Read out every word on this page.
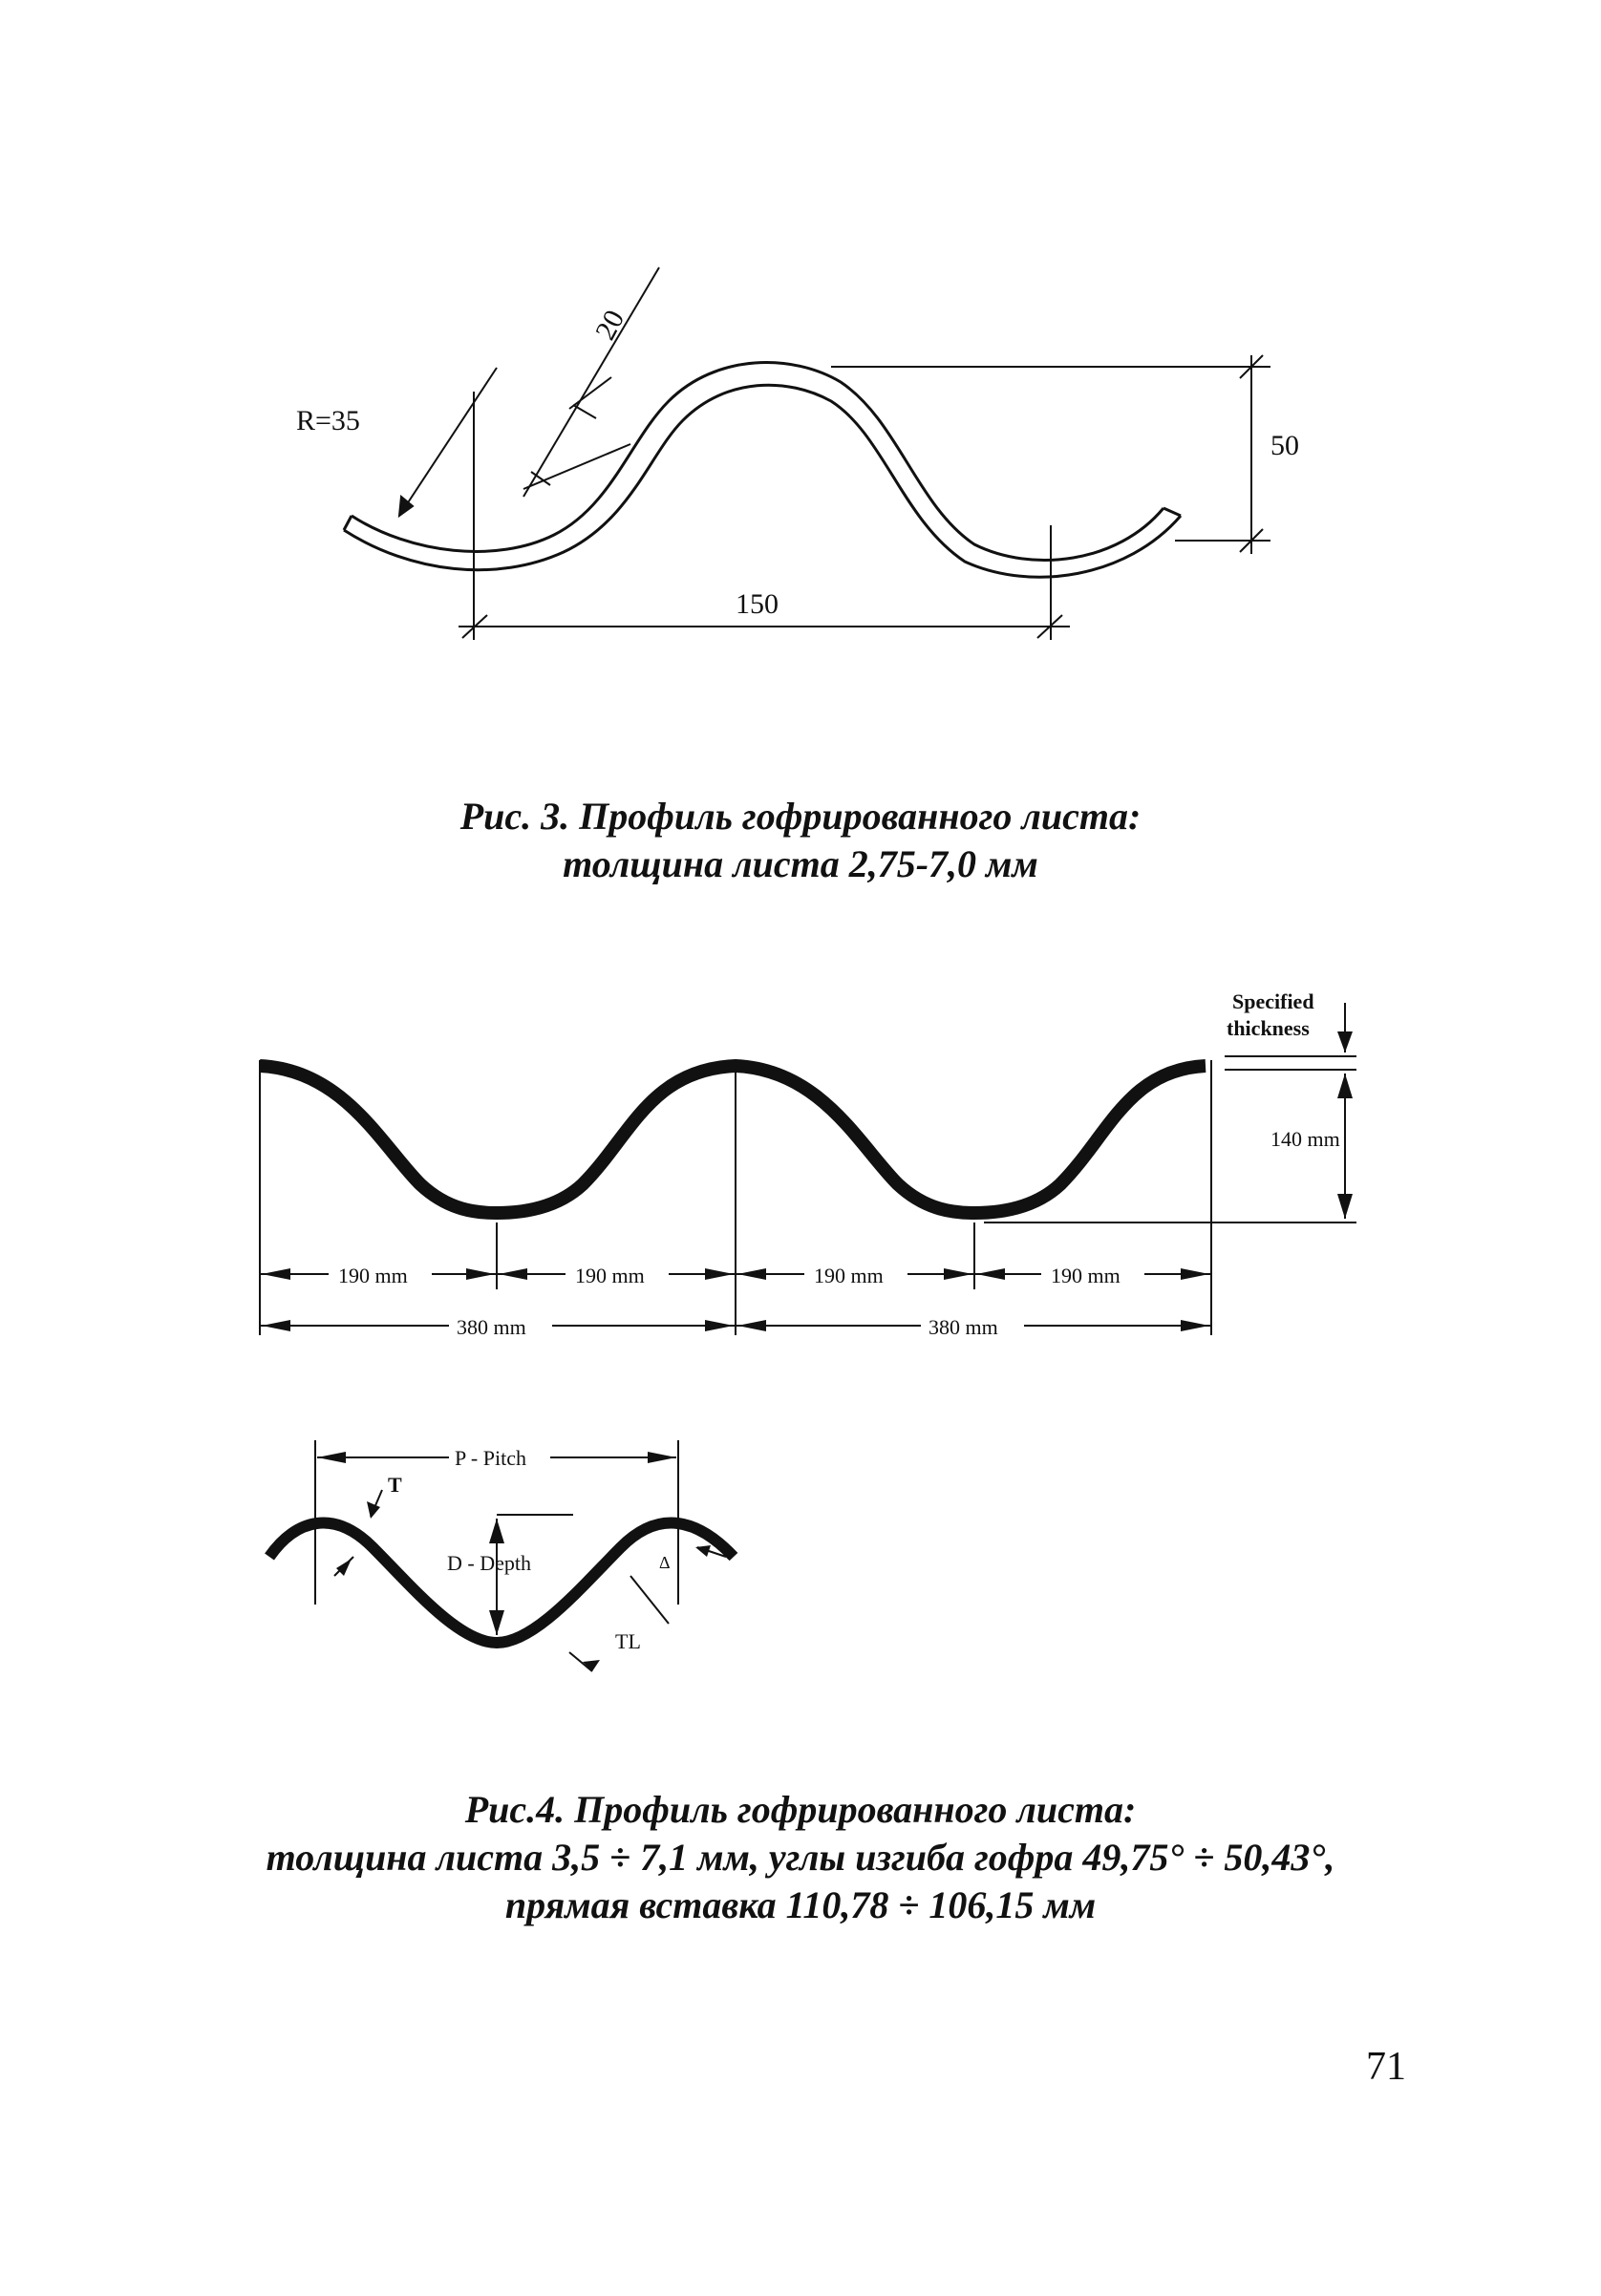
R=35
20
50
150
Рис. 3. Профиль гофрированного листа:
толщина листа 2,75-7,0 мм
190 mm	190 mm	190 mm	190 mm
380 mm	380 mm
140 mm
Specified
thickness
P - Pitch
T
D - Depth
TL
Δ
Рис.4. Профиль гофрированного листа:
толщина листа 3,5 ÷ 7,1 мм, углы изгиба гофра 49,75° ÷ 50,43°,
прямая вставка 110,78 ÷ 106,15 мм
71
